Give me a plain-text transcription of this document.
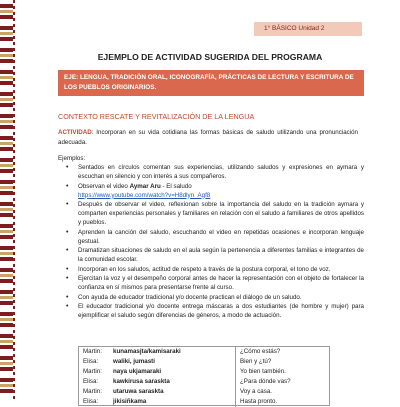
1° BÁSICO Unidad 2
EJEMPLO DE ACTIVIDAD SUGERIDA DEL PROGRAMA
EJE: LENGUA, TRADICIÓN ORAL, ICONOGRAFÍA, PRÁCTICAS DE LECTURA Y ESCRITURA DE LOS PUEBLOS ORIGINARIOS.
CONTEXTO RESCATE Y REVITALIZACIÓN DE LA LENGUA
ACTIVIDAD: Incorporan en su vida cotidiana las formas básicas de saludo utilizando una pronunciación adecuada.
Ejemplos:
• Sentados en círculos comentan sus experiencias, utilizando saludos y expresiones en aymara y escuchan en silencio y con interés a sus compañeros.
• Observan el video Aymar Aru - El saludo
https://www.youtube.com/watch?v=H8dlyn_Agf8
• Después de observar el video, reflexionan sobre la importancia del saludo en la tradición aymara y comparten experiencias personales y familiares en relación con el saludo a familiares de otros apellidos y pueblos.
• Aprenden la canción del saludo, escuchando el video en repetidas ocasiones e incorporan lenguaje gestual.
• Dramatizan situaciones de saludo en el aula según la pertenencia a diferentes familias e integrantes de la comunidad escolar.
• Incorporan en los saludos, actitud de respeto a través de la postura corporal, el tono de voz.
• Ejercitan la voz y el desempeño corporal antes de hacer la representación con el objeto de fortalecer la confianza en sí mismos para presentarse frente al curso.
• Con ayuda de educador tradicional y/o docente practican el diálogo de un saludo.
• El educador tradicional y/o docente entrega máscaras a dos estudiantes (de hombre y mujer) para ejemplificar el saludo según diferencias de géneros, a modo de actuación.
Martin:	kunamasjta/kamisaraki	¿Cómo estás?
Elisa:	waliki, jumasti	Bien y ¿tú?
Martin:	naya ukjamaraki	Yo bien también.
Elisa:	kawkirusa sarasktа	¿Para dónde vas?
Martin:	utaruwa sarasktа	Voy a casa.
Elisa:	jikisiñkama	Hasta pronto.
